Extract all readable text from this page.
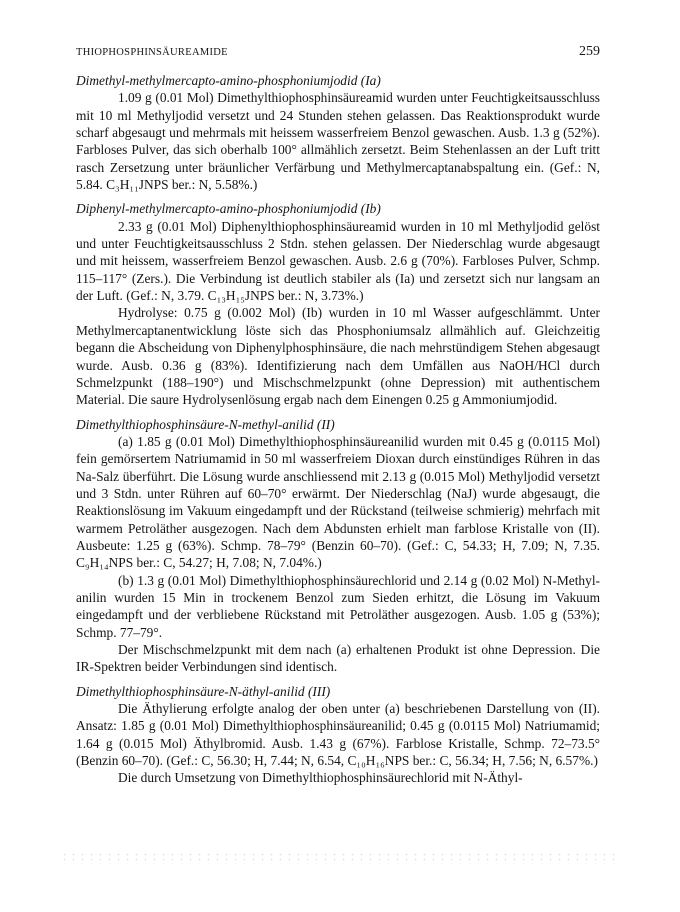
THIOPHOSPHINSÄUREAMIDE	259

Dimethyl-methylmercapto-amino-phosphoniumjodid (Ia)

1.09 g (0.01 Mol) Dimethylthiophosphinsäureamid wurden unter Feuchtigkeitsausschluss mit 10 ml Methyljodid versetzt und 24 Stunden stehen gelassen. Das Reaktionsprodukt wurde scharf abgesaugt und mehrmals mit heissem wasserfreiem Benzol gewaschen. Ausb. 1.3 g (52%). Farbloses Pulver, das sich oberhalb 100° allmählich zersetzt. Beim Stehenlassen an der Luft tritt rasch Zersetzung unter bräunlicher Verfärbung und Methylmercaptanabspaltung ein. (Gef.: N, 5.84. C₃H₁₁JNPS ber.: N, 5.58%.)

Diphenyl-methylmercapto-amino-phosphoniumjodid (Ib)

2.33 g (0.01 Mol) Diphenylthiophosphinsäureamid wurden in 10 ml Methyljodid gelöst und unter Feuchtigkeitsausschluss 2 Stdn. stehen gelassen. Der Niederschlag wurde abgesaugt und mit heissem, wasserfreiem Benzol gewaschen. Ausb. 2.6 g (70%). Farbloses Pulver, Schmp. 115–117° (Zers.). Die Verbindung ist deutlich stabiler als (Ia) und zersetzt sich nur langsam an der Luft. (Gef.: N, 3.79. C₁₃H₁₅JNPS ber.: N, 3.73%.)

Hydrolyse: 0.75 g (0.002 Mol) (Ib) wurden in 10 ml Wasser aufgeschlämmt. Unter Methylmercaptanentwicklung löste sich das Phosphoniumsalz allmählich auf. Gleichzeitig begann die Abscheidung von Diphenylphosphinsäure, die nach mehrstündigem Stehen abgesaugt wurde. Ausb. 0.36 g (83%). Identifizierung nach dem Umfällen aus NaOH/HCl durch Schmelzpunkt (188–190°) und Mischschmelzpunkt (ohne Depression) mit authentischem Material. Die saure Hydrolysenlösung ergab nach dem Einengen 0.25 g Ammoniumjodid.

Dimethylthiophosphinsäure-N-methyl-anilid (II)

(a) 1.85 g (0.01 Mol) Dimethylthiophosphinsäureanilid wurden mit 0.45 g (0.0115 Mol) fein gemörsertem Natriumamid in 50 ml wasserfreiem Dioxan durch einstündiges Rühren in das Na-Salz überführt. Die Lösung wurde anschliessend mit 2.13 g (0.015 Mol) Methyljodid versetzt und 3 Stdn. unter Rühren auf 60–70° erwärmt. Der Niederschlag (NaJ) wurde abgesaugt, die Reaktionslösung im Vakuum eingedampft und der Rückstand (teilweise schmierig) mehrfach mit warmem Petroläther ausgezogen. Nach dem Abdunsten erhielt man farblose Kristalle von (II). Ausbeute: 1.25 g (63%). Schmp. 78–79° (Benzin 60–70). (Gef.: C, 54.33; H, 7.09; N, 7.35. C₉H₁₄NPS ber.: C, 54.27; H, 7.08; N, 7.04%.)

(b) 1.3 g (0.01 Mol) Dimethylthiophosphinsäurechlorid und 2.14 g (0.02 Mol) N-Methyl-anilin wurden 15 Min in trockenem Benzol zum Sieden erhitzt, die Lösung im Vakuum eingedampft und der verbliebene Rückstand mit Petroläther ausgezogen. Ausb. 1.05 g (53%); Schmp. 77–79°.

Der Mischschmelzpunkt mit dem nach (a) erhaltenen Produkt ist ohne Depression. Die IR-Spektren beider Verbindungen sind identisch.

Dimethylthiophosphinsäure-N-äthyl-anilid (III)

Die Äthylierung erfolgte analog der oben unter (a) beschriebenen Darstellung von (II). Ansatz: 1.85 g (0.01 Mol) Dimethylthiophosphinsäureanilid; 0.45 g (0.0115 Mol) Natriumamid; 1.64 g (0.015 Mol) Äthylbromid. Ausb. 1.43 g (67%). Farblose Kristalle, Schmp. 72–73.5° (Benzin 60–70). (Gef.: C, 56.30; H, 7.44; N, 6.54, C₁₀H₁₆NPS ber.: C, 56.34; H, 7.56; N, 6.57%.)

Die durch Umsetzung von Dimethylthiophosphinsäurechlorid mit N-Äthyl-
